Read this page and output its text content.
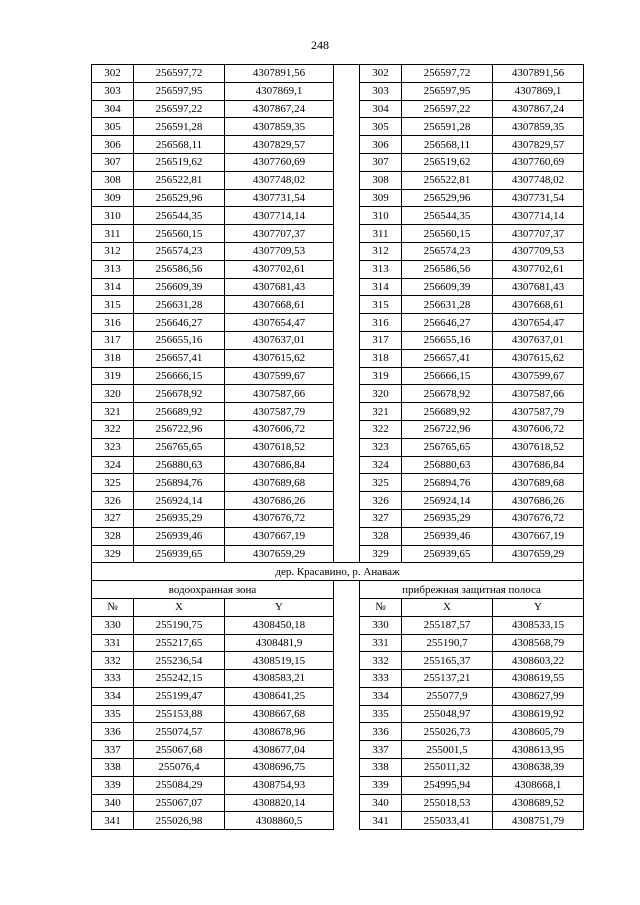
248
302	256597,72	4307891,56		302	256597,72	4307891,56
303	256597,95	4307869,1		303	256597,95	4307869,1
304	256597,22	4307867,24		304	256597,22	4307867,24
305	256591,28	4307859,35		305	256591,28	4307859,35
306	256568,11	4307829,57		306	256568,11	4307829,57
307	256519,62	4307760,69		307	256519,62	4307760,69
308	256522,81	4307748,02		308	256522,81	4307748,02
309	256529,96	4307731,54		309	256529,96	4307731,54
310	256544,35	4307714,14		310	256544,35	4307714,14
311	256560,15	4307707,37		311	256560,15	4307707,37
312	256574,23	4307709,53		312	256574,23	4307709,53
313	256586,56	4307702,61		313	256586,56	4307702,61
314	256609,39	4307681,43		314	256609,39	4307681,43
315	256631,28	4307668,61		315	256631,28	4307668,61
316	256646,27	4307654,47		316	256646,27	4307654,47
317	256655,16	4307637,01		317	256655,16	4307637,01
318	256657,41	4307615,62		318	256657,41	4307615,62
319	256666,15	4307599,67		319	256666,15	4307599,67
320	256678,92	4307587,66		320	256678,92	4307587,66
321	256689,92	4307587,79		321	256689,92	4307587,79
322	256722,96	4307606,72		322	256722,96	4307606,72
323	256765,65	4307618,52		323	256765,65	4307618,52
324	256880,63	4307686,84		324	256880,63	4307686,84
325	256894,76	4307689,68		325	256894,76	4307689,68
326	256924,14	4307686,26		326	256924,14	4307686,26
327	256935,29	4307676,72		327	256935,29	4307676,72
328	256939,46	4307667,19		328	256939,46	4307667,19
329	256939,65	4307659,29		329	256939,65	4307659,29
дер. Красавино, р. Анаваж						
водоохранная зона				прибрежная защитная полоса		
№	X	Y		№	X	Y
330	255190,75	4308450,18		330	255187,57	4308533,15
331	255217,65	4308481,9		331	255190,7	4308568,79
332	255236,54	4308519,15		332	255165,37	4308603,22
333	255242,15	4308583,21		333	255137,21	4308619,55
334	255199,47	4308641,25		334	255077,9	4308627,99
335	255153,88	4308667,68		335	255048,97	4308619,92
336	255074,57	4308678,96		336	255026,73	4308605,79
337	255067,68	4308677,04		337	255001,5	4308613,95
338	255076,4	4308696,75		338	255011,32	4308638,39
339	255084,29	4308754,93		339	254995,94	4308668,1
340	255067,07	4308820,14		340	255018,53	4308689,52
341	255026,98	4308860,5		341	255033,41	4308751,79
